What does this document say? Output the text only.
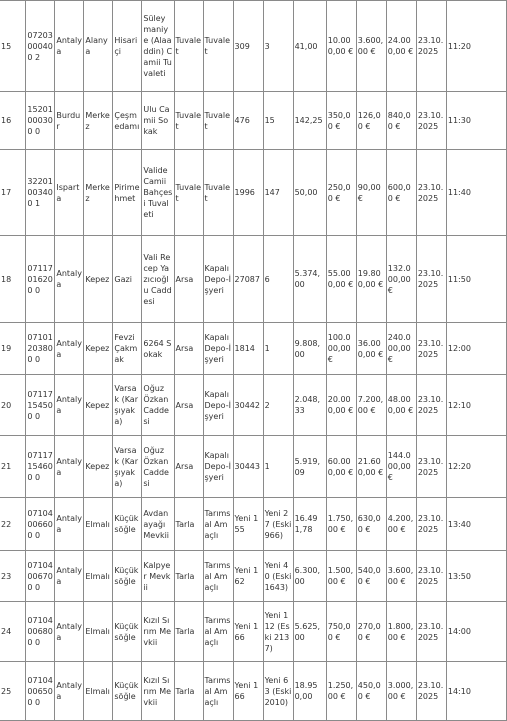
15	07203000400 2	Antalya	Alanya	Hisariçi	Süleymaniye (Alaaddin) Camii Tuvaleti	Tuvalet	Tuvalet	309	3	41,00	10.000,00 €	3.600,00 €	24.000,00 €	23.10.2025	11:20
16	15201000300 0	Burdur	Merkez	Çeşmedamı	Ulu Camii Sokak	Tuvalet	Tuvalet	476	15	142,25	350,00 €	126,00 €	840,00 €	23.10.2025	11:30
17	32201003400 1	Isparta	Merkez	Pirimehmet	Valide Camii Bahçesi Tuvaleti	Tuvalet	Tuvalet	1996	147	50,00	250,00 €	90,00 €	600,00 €	23.10.2025	11:40
18	07117016200 0	Antalya	Kepez	Gazi	Vali Recep Yazıcıoğlu Caddesi	Arsa	Kapalı Depo-İşyeri	27087	6	5.374,00	55.000,00 €	19.800,00 €	132.000,00 €	23.10.2025	11:50
19	07101203800 0	Antalya	Kepez	Fevzi Çakmak	6264 Sokak	Arsa	Kapalı Depo-İşyeri	1814	1	9.808,00	100.000,00 €	36.000,00 €	240.000,00 €	23.10.2025	12:00
20	07117154500 0	Antalya	Kepez	Varsak (Karşıyaka)	Oğuz Özkan Caddesi	Arsa	Kapalı Depo-İşyeri	30442	2	2.048,33	20.000,00 €	7.200,00 €	48.000,00 €	23.10.2025	12:10
21	07117154600 0	Antalya	Kepez	Varsak (Karşıyaka)	Oğuz Özkan Caddesi	Arsa	Kapalı Depo-İşyeri	30443	1	5.919,09	60.000,00 €	21.600,00 €	144.000,00 €	23.10.2025	12:20
22	07104006600 0	Antalya	Elmalı	Küçüksöğle	Avdan ayağı Mevkii	Tarla	Tarımsal Amaçlı	Yeni 155	Yeni 27 (Eski 966)	16.491,78	1.750,00 €	630,00 €	4.200,00 €	23.10.2025	13:40
23	07104006700 0	Antalya	Elmalı	Küçüksöğle	Kalpyer Mevkii	Tarla	Tarımsal Amaçlı	Yeni 162	Yeni 40 (Eski 1643)	6.300,00	1.500,00 €	540,00 €	3.600,00 €	23.10.2025	13:50
24	07104006800 0	Antalya	Elmalı	Küçüksöğle	Kızıl Sırım Mevkii	Tarla	Tarımsal Amaçlı	Yeni 166	Yeni 112 (Eski 2137)	5.625,00	750,00 €	270,00 €	1.800,00 €	23.10.2025	14:00
25	07104006500 0	Antalya	Elmalı	Küçüksöğle	Kızıl Sırım Mevkii	Tarla	Tarımsal Amaçlı	Yeni 166	Yeni 63 (Eski 2010)	18.950,00	1.250,00 €	450,00 €	3.000,00 €	23.10.2025	14:10
